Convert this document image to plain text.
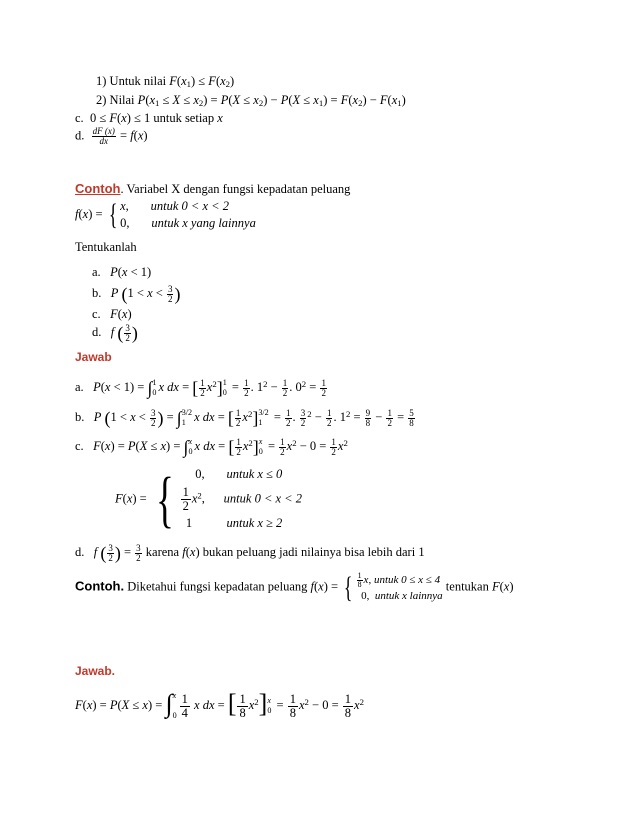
1) Untuk nilai $F(x_1) \le F(x_2)$
2) Nilai $P(x_1 \le X \le x_2) = P(X \le x_2) - P(X \le x_1) = F(x_2) - F(x_1)$
c.  0 ≤ F(x) ≤ 1 untuk setiap x
d. $\frac{dF (x)}{dx} = f(x)$
Contoh. Variabel X dengan fungsi kepadatan peluang
f(x) = { x,       untuk 0 < x < 2
0,       untuk x yang lainnya
Tentukanlah
a. P(x < 1)
b. P ($1 < x < \frac{3}{2}$ )
c. F(x)
d. f ( $\frac{3}{2}$ )
Jawab
a. P(x < 1) = ∫1
0 x dx = [ $\frac{1}{2} x^2]1$
$0 = \frac{1}{2}$ . $1^2 - \frac{1}{2}$ . $0^2 = \frac{1}{2}$
b. P ($1 < x < \frac{3}{2}$ ) = ∫3/2
1 x dx = [ $\frac{1}{2} x^2]3/2$
$1 = \frac{1}{2}$ . $\frac{3}{2} ^2 - \frac{1}{2}$ . $1^2 = \frac{9}{8} - \frac{1}{2} = \frac{5}{8}$
c. F(x) = P(X ≤ x) = ∫x
0 x dx = [ $\frac{1}{2} x^2]x$
$0 = \frac{1}{2} x^2 - 0 = \frac{1}{2} x^2$
F(x) = {     0,       untuk x ≤ 0

$\frac{1}{2} x^2$,      untuk 0 < x < 2
1           untuk x ≥ 2
d. f ( $\frac{3}{2}$ ) = $\frac{3}{2}$ karena f(x) bukan peluang jadi nilainya bisa lebih dari 1
Contoh. Diketahui fungsi kepadatan peluang f(x) = { $\frac{1}{8} x$, untuk 0 ≤ x ≤ 4
0,  untuk x lainnya tentukan F(x)
Jawab.
F(x) = P(X ≤ x) = ∫x

$0 \frac{1}{4}$ x dx = [ $\frac{1}{8} x^2]x$
$0 = \frac{1}{8} x^2 - 0 = \frac{1}{8} x^2$
